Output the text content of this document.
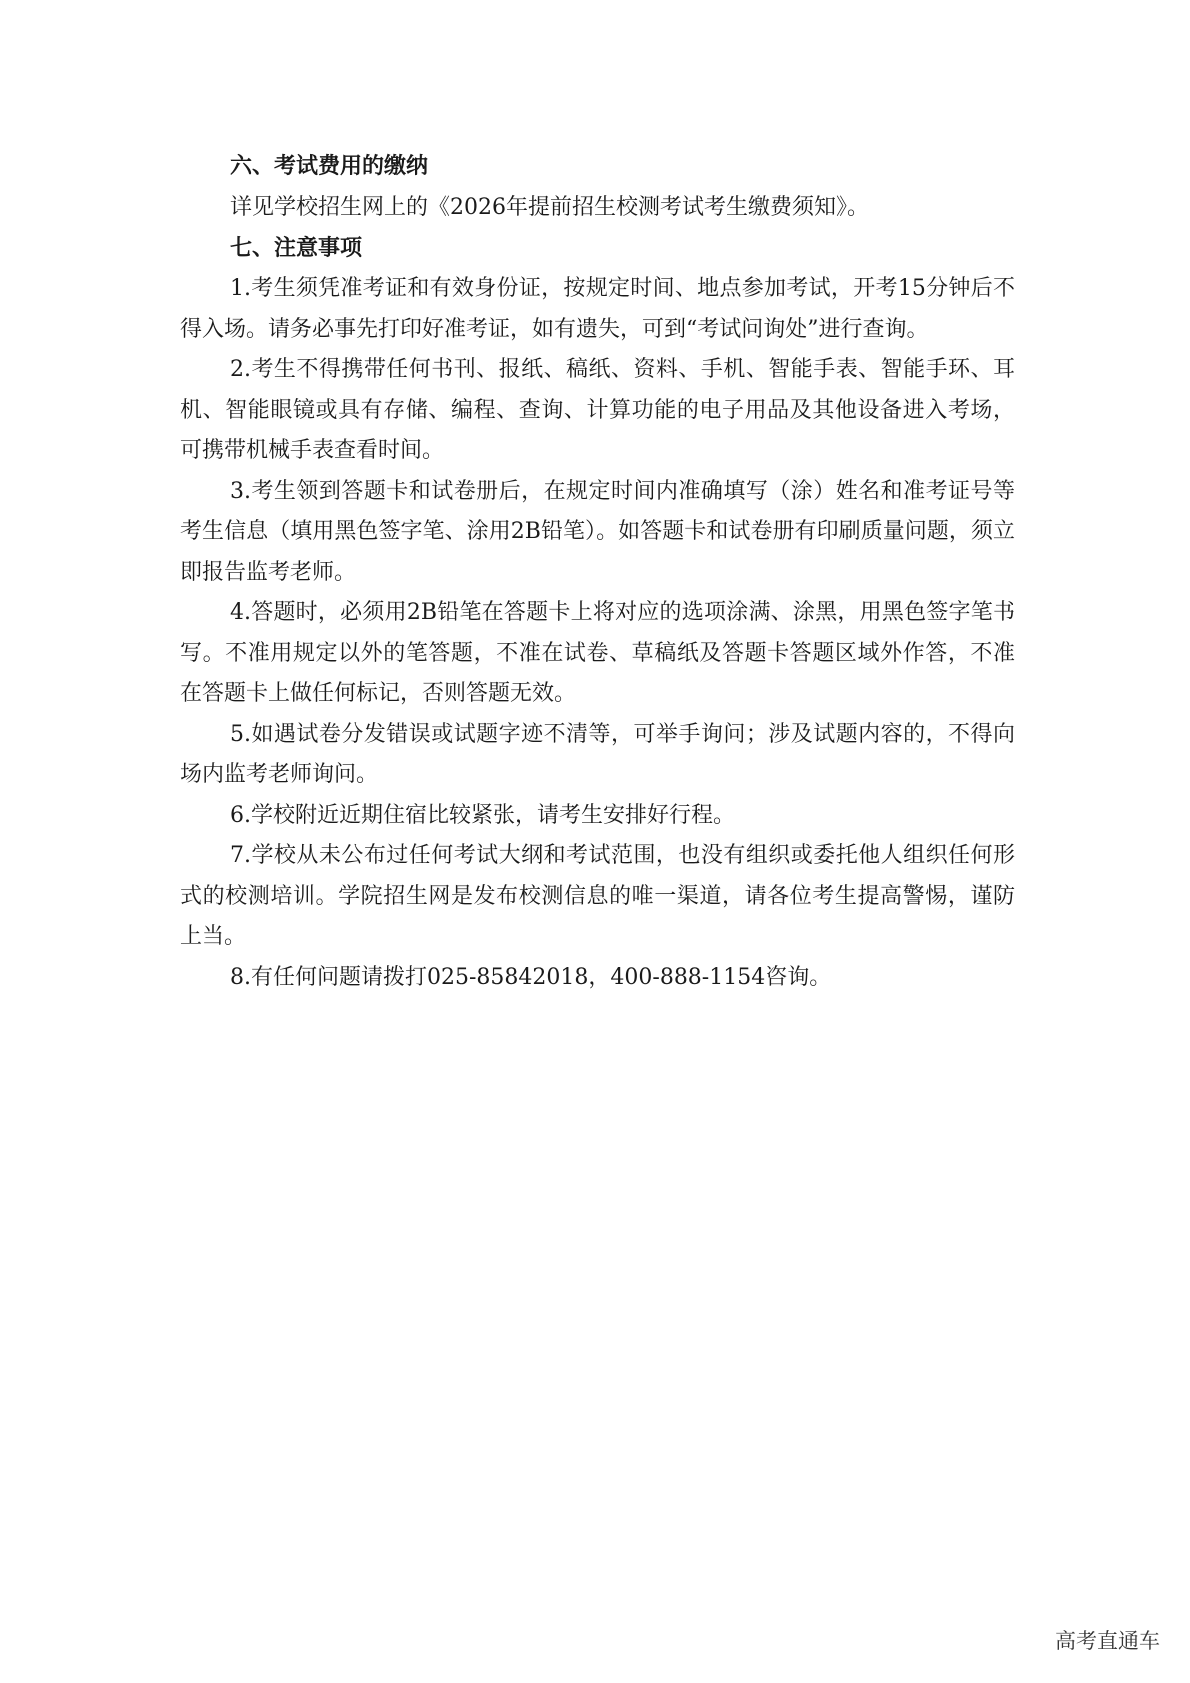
六、考试费用的缴纳

详见学校招生网上的《2026年提前招生校测考试考生缴费须知》。

七、注意事项

1.考生须凭准考证和有效身份证，按规定时间、地点参加考试，开考15分钟后不得入场。请务必事先打印好准考证，如有遗失，可到“考试问询处”进行查询。

2.考生不得携带任何书刊、报纸、稿纸、资料、手机、智能手表、智能手环、耳机、智能眼镜或具有存储、编程、查询、计算功能的电子用品及其他设备进入考场，可携带机械手表查看时间。

3.考生领到答题卡和试卷册后，在规定时间内准确填写（涂）姓名和准考证号等考生信息（填用黑色签字笔、涂用2B铅笔）。如答题卡和试卷册有印刷质量问题，须立即报告监考老师。

4.答题时，必须用2B铅笔在答题卡上将对应的选项涂满、涂黑，用黑色签字笔书写。不准用规定以外的笔答题，不准在试卷、草稿纸及答题卡答题区域外作答，不准在答题卡上做任何标记，否则答题无效。

5.如遇试卷分发错误或试题字迹不清等，可举手询问；涉及试题内容的，不得向场内监考老师询问。

6.学校附近近期住宿比较紧张，请考生安排好行程。

7.学校从未公布过任何考试大纲和考试范围，也没有组织或委托他人组织任何形式的校测培训。学院招生网是发布校测信息的唯一渠道，请各位考生提高警惕，谨防上当。

8.有任何问题请拨打025-85842018，400-888-1154咨询。

高考直通车
